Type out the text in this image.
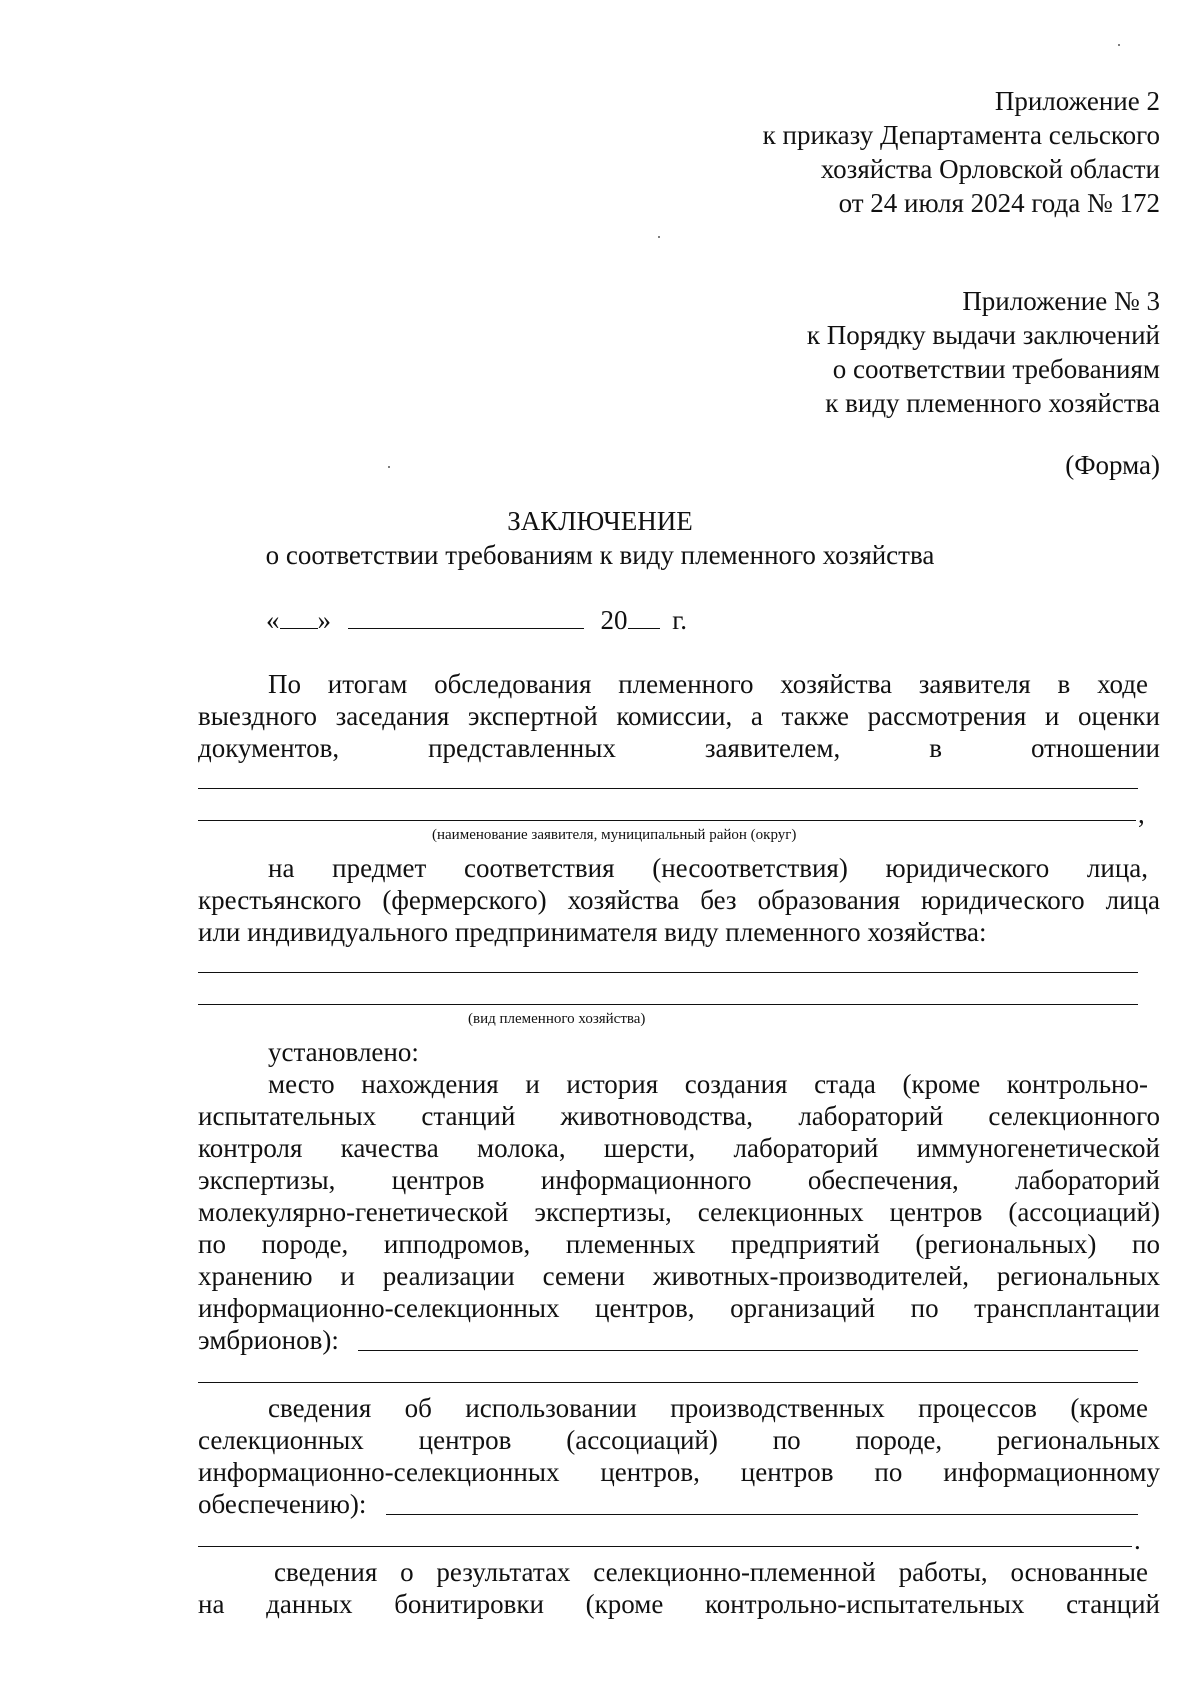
Приложение 2
к приказу Департамента сельского
хозяйства Орловской области
от 24 июля 2024 года № 172
Приложение № 3
к Порядку выдачи заключений
о соответствии требованиям
к виду племенного хозяйства
(Форма)
ЗАКЛЮЧЕНИЕ
о соответствии требованиям к виду племенного хозяйства
« »	20 г.
По итогам обследования племенного хозяйства заявителя в ходе
выездного заседания экспертной комиссии, а также рассмотрения и оценки
документов, представленных заявителем, в отношении
,
(наименование заявителя, муниципальный район (округ)
на предмет соответствия (несоответствия) юридического лица,
крестьянского (фермерского) хозяйства без образования юридического лица
или индивидуального предпринимателя виду племенного хозяйства:
(вид племенного хозяйства)
установлено:
место нахождения и история создания стада (кроме контрольно-
испытательных станций животноводства, лабораторий селекционного
контроля качества молока, шерсти, лабораторий иммуногенетической
экспертизы, центров информационного обеспечения, лабораторий
молекулярно-генетической экспертизы, селекционных центров (ассоциаций)
по породе, ипподромов, племенных предприятий (региональных) по
хранению и реализации семени животных-производителей, региональных
информационно-селекционных центров, организаций по трансплантации
эмбрионов):
сведения об использовании производственных процессов (кроме
селекционных центров (ассоциаций) по породе, региональных
информационно-селекционных центров, центров по информационному
обеспечению):
.
сведения о результатах селекционно-племенной работы, основанные
на данных бонитировки (кроме контрольно-испытательных станций
